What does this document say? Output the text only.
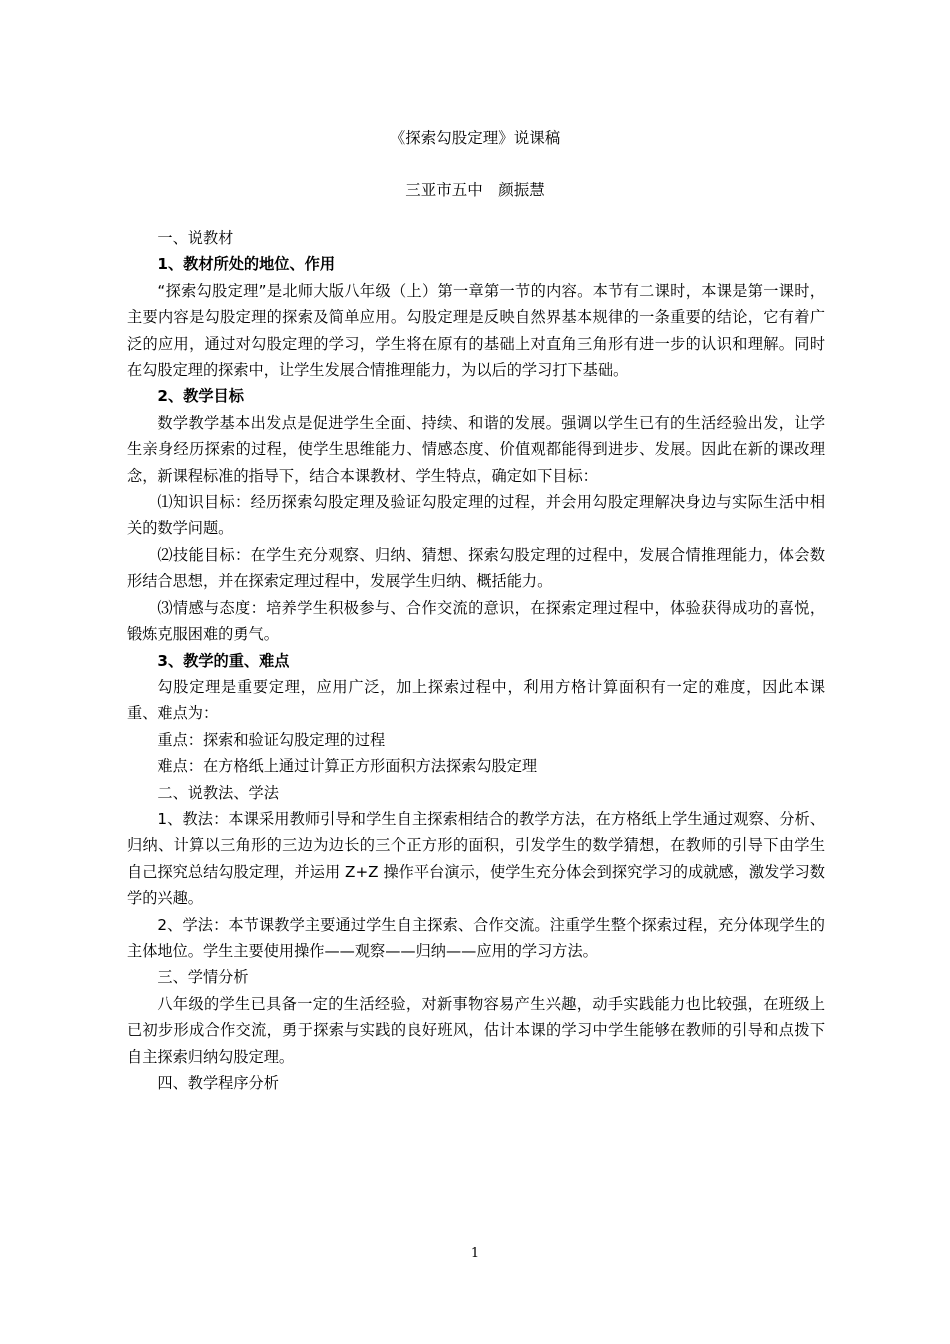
《探索勾股定理》说课稿
三亚市五中　颜振慧

一、说教材

1、教材所处的地位、作用

“探索勾股定理”是北师大版八年级（上）第一章第一节的内容。本节有二课时，本课是第一课时，主要内容是勾股定理的探索及简单应用。勾股定理是反映自然界基本规律的一条重要的结论，它有着广泛的应用，通过对勾股定理的学习，学生将在原有的基础上对直角三角形有进一步的认识和理解。同时在勾股定理的探索中，让学生发展合情推理能力，为以后的学习打下基础。

2、教学目标

数学教学基本出发点是促进学生全面、持续、和谐的发展。强调以学生已有的生活经验出发，让学生亲身经历探索的过程，使学生思维能力、情感态度、价值观都能得到进步、发展。因此在新的课改理念，新课程标准的指导下，结合本课教材、学生特点，确定如下目标：

⑴知识目标：经历探索勾股定理及验证勾股定理的过程，并会用勾股定理解决身边与实际生活中相关的数学问题。

⑵技能目标：在学生充分观察、归纳、猜想、探索勾股定理的过程中，发展合情推理能力，体会数形结合思想，并在探索定理过程中，发展学生归纳、概括能力。

⑶情感与态度：培养学生积极参与、合作交流的意识，在探索定理过程中，体验获得成功的喜悦，锻炼克服困难的勇气。

3、教学的重、难点

勾股定理是重要定理，应用广泛，加上探索过程中，利用方格计算面积有一定的难度，因此本课重、难点为：

重点：探索和验证勾股定理的过程

难点：在方格纸上通过计算正方形面积方法探索勾股定理

二、说教法、学法

1、教法：本课采用教师引导和学生自主探索相结合的教学方法，在方格纸上学生通过观察、分析、归纳、计算以三角形的三边为边长的三个正方形的面积，引发学生的数学猜想，在教师的引导下由学生自己探究总结勾股定理，并运用 Z+Z 操作平台演示，使学生充分体会到探究学习的成就感，激发学习数学的兴趣。

2、学法：本节课教学主要通过学生自主探索、合作交流。注重学生整个探索过程，充分体现学生的主体地位。学生主要使用操作——观察——归纳——应用的学习方法。

三、学情分析

八年级的学生已具备一定的生活经验，对新事物容易产生兴趣，动手实践能力也比较强，在班级上已初步形成合作交流，勇于探索与实践的良好班风，估计本课的学习中学生能够在教师的引导和点拨下自主探索归纳勾股定理。

四、教学程序分析

1
